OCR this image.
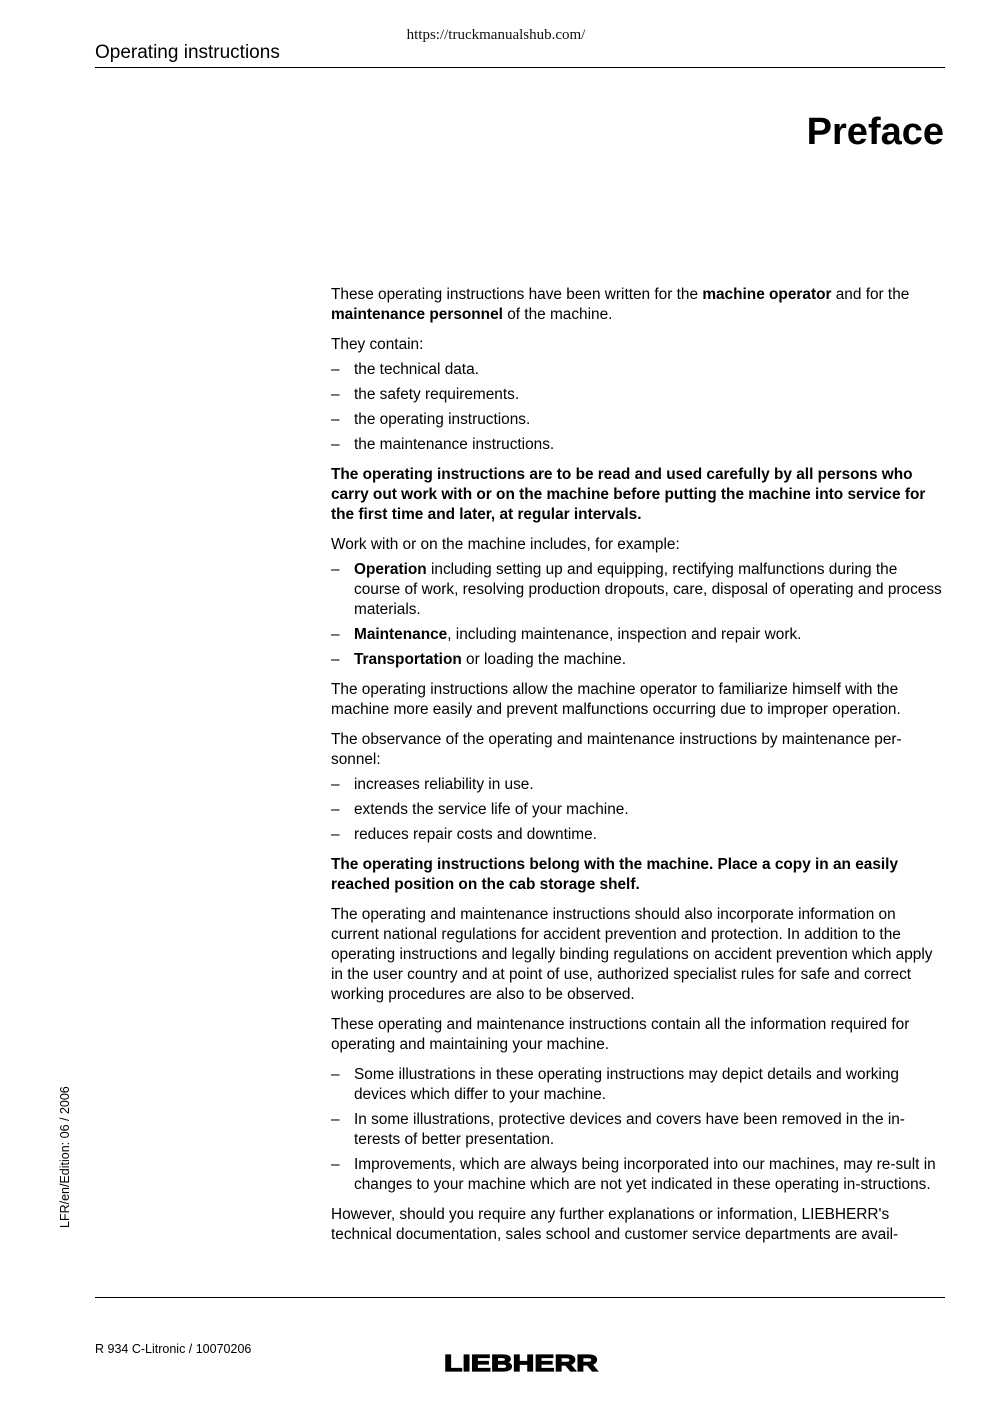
https://truckmanualshub.com/
Operating instructions
Preface
LFR/en/Edition: 06 / 2006

These operating instructions have been written for the machine operator and for the maintenance personnel of the machine.

They contain:

– the technical data.
– the safety requirements.
– the operating instructions.
– the maintenance instructions.

The operating instructions are to be read and used carefully by all persons who carry out work with or on the machine before putting the machine into service for the first time and later, at regular intervals.

Work with or on the machine includes, for example:

– Operation including setting up and equipping, rectifying malfunctions during the course of work, resolving production dropouts, care, disposal of operating and process materials.
– Maintenance, including maintenance, inspection and repair work.
– Transportation or loading the machine.

The operating instructions allow the machine operator to familiarize himself with the machine more easily and prevent malfunctions occurring due to improper operation.

The observance of the operating and maintenance instructions by maintenance per-sonnel:

– increases reliability in use.
– extends the service life of your machine.
– reduces repair costs and downtime.

The operating instructions belong with the machine. Place a copy in an easily reached position on the cab storage shelf.

The operating and maintenance instructions should also incorporate information on current national regulations for accident prevention and protection. In addition to the operating instructions and legally binding regulations on accident prevention which apply in the user country and at point of use, authorized specialist rules for safe and correct working procedures are also to be observed.

These operating and maintenance instructions contain all the information required for operating and maintaining your machine.

– Some illustrations in these operating instructions may depict details and working devices which differ to your machine.
– In some illustrations, protective devices and covers have been removed in the in-terests of better presentation.
– Improvements, which are always being incorporated into our machines, may re-sult in changes to your machine which are not yet indicated in these operating in-structions.

However, should you require any further explanations or information, LIEBHERR's technical documentation, sales school and customer service departments are avail-

R 934 C-Litronic / 10070206
LIEBHERR
